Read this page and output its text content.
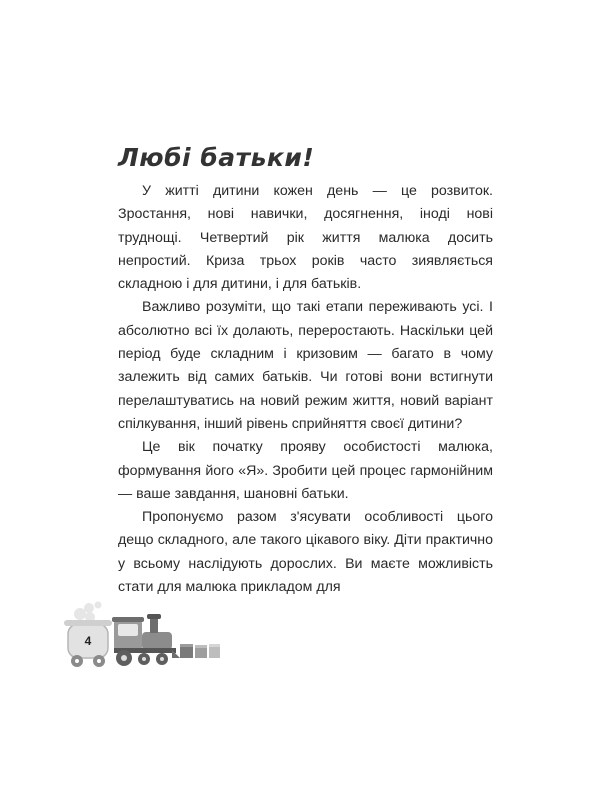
Любі батьки!

У житті дитини кожен день — це розвиток. Зростання, нові навички, досягнення, іноді нові труднощі. Четвертий рік життя малюка досить непростий. Криза трьох років часто зиявляється складною і для дитини, і для батьків.

Важливо розуміти, що такі етапи переживають усі. І абсолютно всі їх долають, переростають. Наскільки цей період буде складним і кризовим — багато в чому залежить від самих батьків. Чи готові вони встигнути перелаштуватись на новий режим життя, новий варіант спілкування, інший рівень сприйняття своєї дитини?

Це вік початку прояву особистості малюка, формування його «Я». Зробити цей процес гармонійним — ваше завдання, шановні батьки.

Пропонуємо разом з'ясувати особливості цього дещо складного, але такого цікавого віку. Діти практично у всьому наслідують дорослих. Ви маєте можливість стати для малюка прикладом для

4
